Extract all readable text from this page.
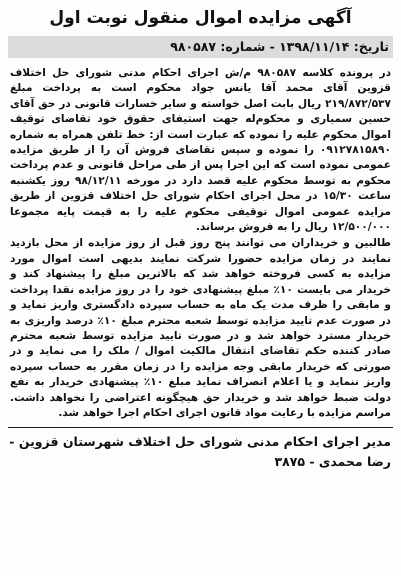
آگهی مزایده اموال منقول نوبت اول
تاریخ: ۱۳۹۸/۱۱/۱۴ - شماره: ۹۸۰۵۸۷

در پرونده کلاسه ۹۸۰۵۸۷ م/ش اجرای احکام مدنی شورای حل اختلاف قزوین آقای محمد آقا یانس جواد محکوم است به پرداخت مبلغ ۲۱۹/۸۷۲/۵۳۷ ریال بابت اصل خواسته و سایر خسارات قانونی در حق آقای حسین سمیاری و محکوم‌له جهت استیفای حقوق خود تقاضای توقیف اموال محکوم علیه را نموده که عبارت است از: خط تلفن همراه به شماره ۰۹۱۲۷۸۱۵۸۹۰ را نموده و سپس تقاضای فروش آن را از طریق مزایده عمومی نموده است که این اجرا پس از طی مراحل قانونی و عدم پرداخت محکوم به توسط محکوم علیه قصد دارد در مورخه ۹۸/۱۲/۱۱ روز یکشنبه ساعت ۱۵/۳۰ در محل اجرای احکام شورای حل اختلاف قزوین از طریق مزایده عمومی اموال توقیفی محکوم علیه را به قیمت پایه مجموعا ۱۲/۵۰۰/۰۰۰ ریال را به فروش برساند.

طالبین و خریداران می توانند پنج روز قبل از روز مزایده از محل بازدید نمایند در زمان مزایده حضورا شرکت نمایند بدیهی است اموال مورد مزایده به کسی فروخته خواهد شد که بالاترین مبلغ را پیشنهاد کند و خریدار می بایست ۱۰٪ مبلغ پیشنهادی خود را در روز مزایده نقدا پرداخت و مابقی را ظرف مدت یک ماه به حساب سپرده دادگستری واریز نماید و در صورت عدم تایید مزایده توسط شعبه محترم مبلغ ۱۰٪ درصد واریزی به خریدار مسترد خواهد شد و در صورت تایید مزایده توسط شعبه محترم صادر کننده حکم تقاضای انتقال مالکیت اموال / ملک را می نماید و در صورتی که خریدار مابقی وجه مزایده را در زمان مقرر به حساب سپرده واریز ننماید و یا اعلام انصراف نماید مبلغ ۱۰٪ پیشنهادی خریدار به نفع دولت ضبط خواهد شد و خریدار حق هیچگونه اعتراضی را نخواهد داشت. مراسم مزایده با رعایت مواد قانون اجرای احکام اجرا خواهد شد.

مدیر اجرای احکام مدنی شورای حل اختلاف شهرستان قزوین -
رضا محمدی - ۳۸۷۵
